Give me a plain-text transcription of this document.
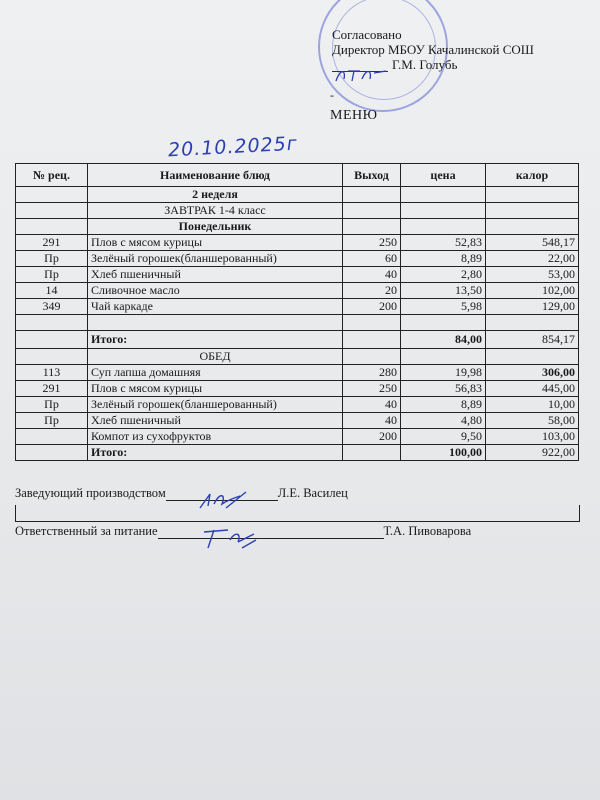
Согласовано
Директор МБОУ Качалинской СОШ
Г.М. Голубь
-
МЕНЮ
20.10.2025г
№ рец.	Наименование блюд	Выход	цена	калор
	2 неделя			
	ЗАВТРАК 1-4 класс			
	Понедельник			
291	Плов с мясом курицы	250	52,83	548,17
Пр	Зелёный горошек(бланшерованный)	60	8,89	22,00
Пр	Хлеб пшеничный	40	2,80	53,00
14	Сливочное масло	20	13,50	102,00
349	Чай каркаде	200	5,98	129,00

	Итого:		84,00	854,17
	ОБЕД			
113	Суп лапша домашняя	280	19,98	306,00
291	Плов с мясом курицы	250	56,83	445,00
Пр	Зелёный горошек(бланшерованный)	40	8,89	10,00
Пр	Хлеб пшеничный	40	4,80	58,00
	Компот из сухофруктов	200	9,50	103,00
	Итого:		100,00	922,00
Заведующий производством	Л.Е. Василец
Ответственный за питание	Т.А. Пивоварова
